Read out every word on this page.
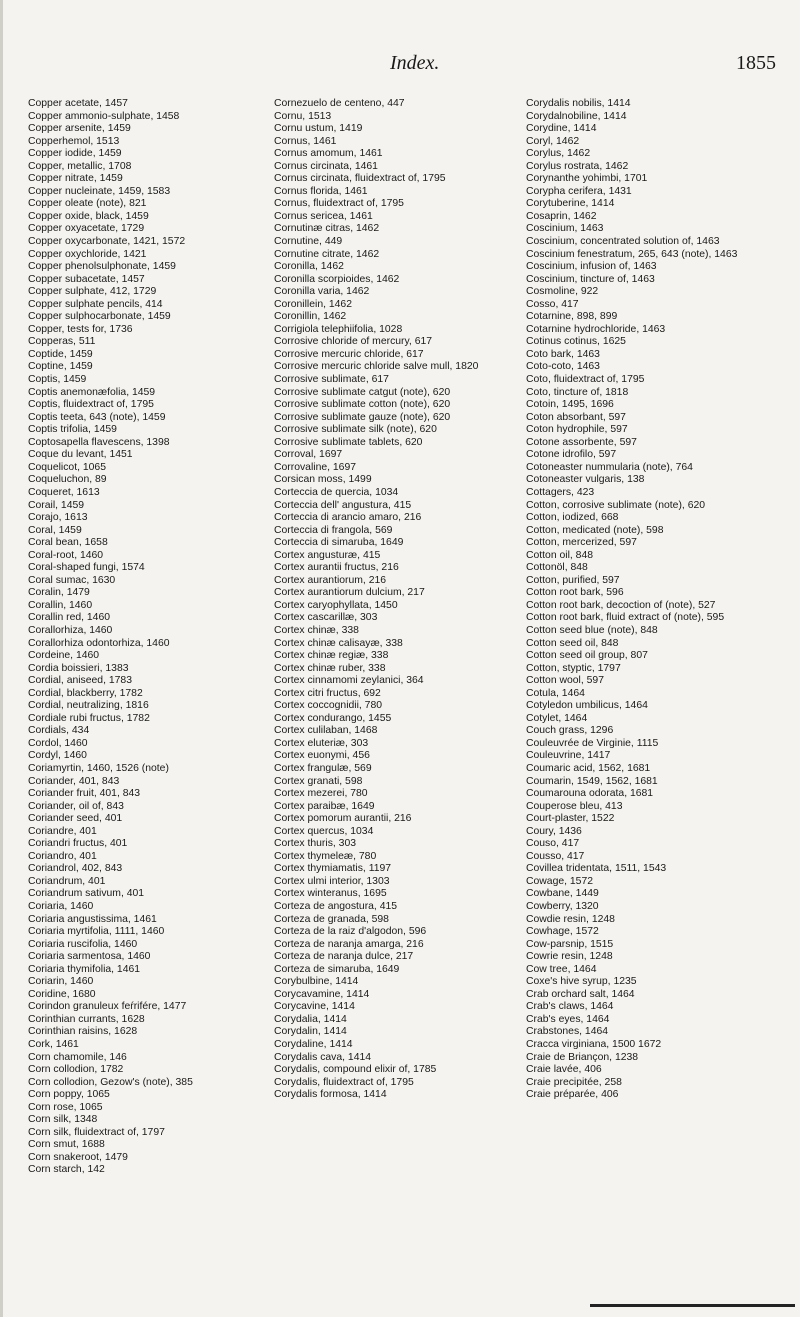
Index.	1855
Copper acetate, 1457
Copper ammonio-sulphate, 1458
Copper arsenite, 1459
Copperhemol, 1513
Copper iodide, 1459
Copper, metallic, 1708
Copper nitrate, 1459
Copper nucleinate, 1459, 1583
Copper oleate (note), 821
Copper oxide, black, 1459
Copper oxyacetate, 1729
Copper oxycarbonate, 1421, 1572
Copper oxychloride, 1421
Copper phenolsulphonate, 1459
Copper subacetate, 1457
Copper sulphate, 412, 1729
Copper sulphate pencils, 414
Copper sulphocarbonate, 1459
Copper, tests for, 1736
Copperas, 511
Coptide, 1459
Coptine, 1459
Coptis, 1459
Coptis anemonæfolia, 1459
Coptis, fluidextract of, 1795
Coptis teeta, 643 (note), 1459
Coptis trifolia, 1459
Coptosapella flavescens, 1398
Coque du levant, 1451
Coquelicot, 1065
Coqueluchon, 89
Coqueret, 1613
Corail, 1459
Corajo, 1613
Coral, 1459
Coral bean, 1658
Coral-root, 1460
Coral-shaped fungi, 1574
Coral sumac, 1630
Coralin, 1479
Corallin, 1460
Corallin red, 1460
Corallorhiza, 1460
Corallorhiza odontorhiza, 1460
Cordeine, 1460
Cordia boissieri, 1383
Cordial, aniseed, 1783
Cordial, blackberry, 1782
Cordial, neutralizing, 1816
Cordiale rubi fructus, 1782
Cordials, 434
Cordol, 1460
Cordyl, 1460
Coriamyrtin, 1460, 1526 (note)
Coriander, 401, 843
Coriander fruit, 401, 843
Coriander, oil of, 843
Coriander seed, 401
Coriandre, 401
Coriandri fructus, 401
Coriandro, 401
Coriandrol, 402, 843
Coriandrum, 401
Coriandrum sativum, 401
Coriaria, 1460
Coriaria angustissima, 1461
Coriaria myrtifolia, 1111, 1460
Coriaria ruscifolia, 1460
Coriaria sarmentosa, 1460
Coriaria thymifolia, 1461
Coriarin, 1460
Coridine, 1680
Corindon granuleux feŕrifére, 1477
Corinthian currants, 1628
Corinthian raisins, 1628
Cork, 1461
Corn chamomile, 146
Corn collodion, 1782
Corn collodion, Gezow's (note), 385
Corn poppy, 1065
Corn rose, 1065
Corn silk, 1348
Corn silk, fluidextract of, 1797
Corn smut, 1688
Corn snakeroot, 1479
Corn starch, 142
Cornezuelo de centeno, 447
Cornu, 1513
Cornu ustum, 1419
Cornus, 1461
Cornus amomum, 1461
Cornus circinata, 1461
Cornus circinata, fluidextract of, 1795
Cornus florida, 1461
Cornus, fluidextract of, 1795
Cornus sericea, 1461
Cornutinæ citras, 1462
Cornutine, 449
Cornutine citrate, 1462
Coronilla, 1462
Coronilla scorpioides, 1462
Coronilla varia, 1462
Coronillein, 1462
Coronillin, 1462
Corrigiola telephiifolia, 1028
Corrosive chloride of mercury, 617
Corrosive mercuric chloride, 617
Corrosive mercuric chloride salve mull, 1820
Corrosive sublimate, 617
Corrosive sublimate catgut (note), 620
Corrosive sublimate cotton (note), 620
Corrosive sublimate gauze (note), 620
Corrosive sublimate silk (note), 620
Corrosive sublimate tablets, 620
Corroval, 1697
Corrovaline, 1697
Corsican moss, 1499
Corteccia de quercia, 1034
Corteccia dell' angustura, 415
Corteccia di arancio amaro, 216
Corteccia di frangola, 569
Corteccia di simaruba, 1649
Cortex angusturæ, 415
Cortex aurantii fructus, 216
Cortex aurantiorum, 216
Cortex aurantiorum dulcium, 217
Cortex caryophyllata, 1450
Cortex cascarillæ, 303
Cortex chinæ, 338
Cortex chinæ calisayæ, 338
Cortex chinæ regiæ, 338
Cortex chinæ ruber, 338
Cortex cinnamomi zeylanici, 364
Cortex citri fructus, 692
Cortex coccognidii, 780
Cortex condurango, 1455
Cortex culilaban, 1468
Cortex eluteriæ, 303
Cortex euonymi, 456
Cortex frangulæ, 569
Cortex granati, 598
Cortex mezerei, 780
Cortex paraibæ, 1649
Cortex pomorum aurantii, 216
Cortex quercus, 1034
Cortex thuris, 303
Cortex thymeleæ, 780
Cortex thymiamatis, 1197
Cortex ulmi interior, 1303
Cortex winteranus, 1695
Corteza de angostura, 415
Corteza de granada, 598
Corteza de la raiz d'algodon, 596
Corteza de naranja amarga, 216
Corteza de naranja dulce, 217
Corteza de simaruba, 1649
Corybulbine, 1414
Corycavamine, 1414
Corycavine, 1414
Corydalia, 1414
Corydalin, 1414
Corydaline, 1414
Corydalis cava, 1414
Corydalis, compound elixir of, 1785
Corydalis, fluidextract of, 1795
Corydalis formosa, 1414
Corydalis nobilis, 1414
Corydalnobiline, 1414
Corydine, 1414
Coryl, 1462
Corylus, 1462
Corylus rostrata, 1462
Corynanthe yohimbi, 1701
Corypha cerifera, 1431
Corytuberine, 1414
Cosaprin, 1462
Coscinium, 1463
Coscinium, concentrated solution of, 1463
Coscinium fenestratum, 265, 643 (note), 1463
Coscinium, infusion of, 1463
Coscinium, tincture of, 1463
Cosmoline, 922
Cosso, 417
Cotarnine, 898, 899
Cotarnine hydrochloride, 1463
Cotinus cotinus, 1625
Coto bark, 1463
Coto-coto, 1463
Coto, fluidextract of, 1795
Coto, tincture of, 1818
Cotoin, 1495, 1696
Coton absorbant, 597
Coton hydrophile, 597
Cotone assorbente, 597
Cotone idrofilo, 597
Cotoneaster nummularia (note), 764
Cotoneaster vulgaris, 138
Cottagers, 423
Cotton, corrosive sublimate (note), 620
Cotton, iodized, 668
Cotton, medicated (note), 598
Cotton, mercerized, 597
Cotton oil, 848
Cottonöl, 848
Cotton, purified, 597
Cotton root bark, 596
Cotton root bark, decoction of (note), 527
Cotton root bark, fluid extract of (note), 595
Cotton seed blue (note), 848
Cotton seed oil, 848
Cotton seed oil group, 807
Cotton, styptic, 1797
Cotton wool, 597
Cotula, 1464
Cotyledon umbilicus, 1464
Cotylet, 1464
Couch grass, 1296
Couleuvrée de Virginie, 1115
Couleuvrine, 1417
Coumaric acid, 1562, 1681
Coumarin, 1549, 1562, 1681
Coumarouna odorata, 1681
Couperose bleu, 413
Court-plaster, 1522
Coury, 1436
Couso, 417
Cousso, 417
Covillea tridentata, 1511, 1543
Cowage, 1572
Cowbane, 1449
Cowberry, 1320
Cowdie resin, 1248
Cowhage, 1572
Cow-parsnip, 1515
Cowrie resin, 1248
Cow tree, 1464
Coxe's hive syrup, 1235
Crab orchard salt, 1464
Crab's claws, 1464
Crab's eyes, 1464
Crabstones, 1464
Cracca virginiana, 1500 1672
Craie de Briançon, 1238
Craie lavée, 406
Craie precipitée, 258
Craie préparée, 406
